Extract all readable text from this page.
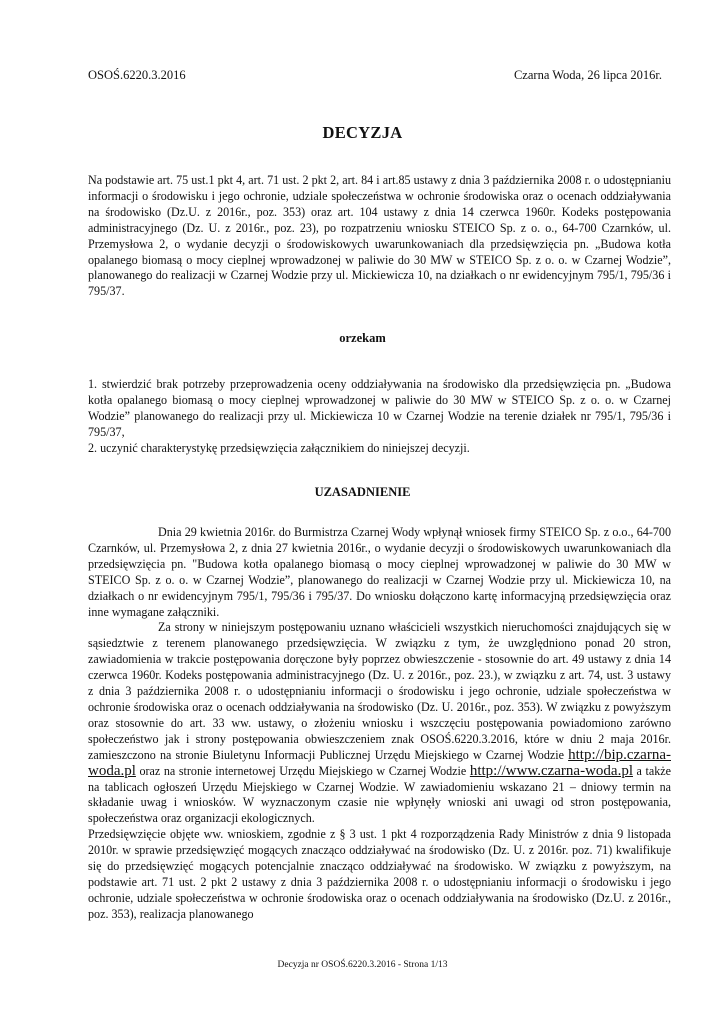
OSOŚ.6220.3.2016	Czarna Woda, 26 lipca 2016r.
DECYZJA
Na podstawie art. 75 ust.1 pkt 4, art. 71 ust. 2 pkt 2, art. 84 i art.85 ustawy z dnia 3 października 2008 r. o udostępnianiu informacji o środowisku i jego ochronie, udziale społeczeństwa w ochronie środowiska oraz o ocenach oddziaływania na środowisko (Dz.U. z 2016r., poz. 353) oraz art. 104 ustawy z dnia 14 czerwca 1960r. Kodeks postępowania administracyjnego (Dz. U. z 2016r., poz. 23), po rozpatrzeniu wniosku STEICO Sp. z o. o., 64-700 Czarnków, ul. Przemysłowa 2, o wydanie decyzji o środowiskowych uwarunkowaniach dla przedsięwzięcia pn. „Budowa kotła opalanego biomasą o mocy cieplnej wprowadzonej w paliwie do 30 MW w STEICO Sp. z o. o. w Czarnej Wodzie”, planowanego do realizacji w Czarnej Wodzie przy ul. Mickiewicza 10, na działkach o nr ewidencyjnym 795/1, 795/36 i 795/37.
orzekam

1. stwierdzić brak potrzeby przeprowadzenia oceny oddziaływania na środowisko dla przedsięwzięcia pn. „Budowa kotła opalanego biomasą o mocy cieplnej wprowadzonej w paliwie do 30 MW w STEICO Sp. z o. o. w Czarnej Wodzie” planowanego do realizacji przy ul. Mickiewicza 10 w Czarnej Wodzie na terenie działek nr 795/1, 795/36 i 795/37,

2. uczynić charakterystykę przedsięwzięcia załącznikiem do niniejszej decyzji.

UZASADNIENIE

Dnia 29 kwietnia 2016r. do Burmistrza Czarnej Wody wpłynął wniosek firmy STEICO Sp. z o.o., 64-700 Czarnków, ul. Przemysłowa 2, z dnia 27 kwietnia 2016r., o wydanie decyzji o środowiskowych uwarunkowaniach dla przedsięwzięcia pn. "Budowa kotła opalanego biomasą o mocy cieplnej wprowadzonej w paliwie do 30 MW w STEICO Sp. z o. o. w Czarnej Wodzie”, planowanego do realizacji w Czarnej Wodzie przy ul. Mickiewicza 10, na działkach o nr ewidencyjnym 795/1, 795/36 i 795/37. Do wniosku dołączono kartę informacyjną przedsięwzięcia oraz inne wymagane załączniki.

Za strony w niniejszym postępowaniu uznano właścicieli wszystkich nieruchomości znajdujących się w sąsiedztwie z terenem planowanego przedsięwzięcia. W związku z tym, że uwzględniono ponad 20 stron, zawiadomienia w trakcie postępowania doręczone były poprzez obwieszczenie - stosownie do art. 49 ustawy z dnia 14 czerwca 1960r. Kodeks postępowania administracyjnego (Dz. U. z 2016r., poz. 23.), w związku z art. 74, ust. 3 ustawy z dnia 3 października 2008 r. o udostępnianiu informacji o środowisku i jego ochronie, udziale społeczeństwa w ochronie środowiska oraz o ocenach oddziaływania na środowisko (Dz. U. 2016r., poz. 353). W związku z powyższym oraz stosownie do art. 33 ww. ustawy, o złożeniu wniosku i wszczęciu postępowania powiadomiono zarówno społeczeństwo jak i strony postępowania obwieszczeniem znak OSOŚ.6220.3.2016, które w dniu 2 maja 2016r. zamieszczono na stronie Biuletynu Informacji Publicznej Urzędu Miejskiego w Czarnej Wodzie http://bip.czarna-woda.pl oraz na stronie internetowej Urzędu Miejskiego w Czarnej Wodzie http://www.czarna-woda.pl a także na tablicach ogłoszeń Urzędu Miejskiego w Czarnej Wodzie. W zawiadomieniu wskazano 21 – dniowy termin na składanie uwag i wniosków. W wyznaczonym czasie nie wpłynęły wnioski ani uwagi od stron postępowania, społeczeństwa oraz organizacji ekologicznych.

Przedsięwzięcie objęte ww. wnioskiem, zgodnie z § 3 ust. 1 pkt 4 rozporządzenia Rady Ministrów z dnia 9 listopada 2010r. w sprawie przedsięwzięć mogących znacząco oddziaływać na środowisko (Dz. U. z 2016r. poz. 71) kwalifikuje się do przedsięwzięć mogących potencjalnie znacząco oddziaływać na środowisko. W związku z powyższym, na podstawie art. 71 ust. 2 pkt 2 ustawy z dnia 3 października 2008 r. o udostępnianiu informacji o środowisku i jego ochronie, udziale społeczeństwa w ochronie środowiska oraz o ocenach oddziaływania na środowisko (Dz.U. z 2016r., poz. 353), realizacja planowanego

Decyzja nr OSOŚ.6220.3.2016 - Strona 1/13
